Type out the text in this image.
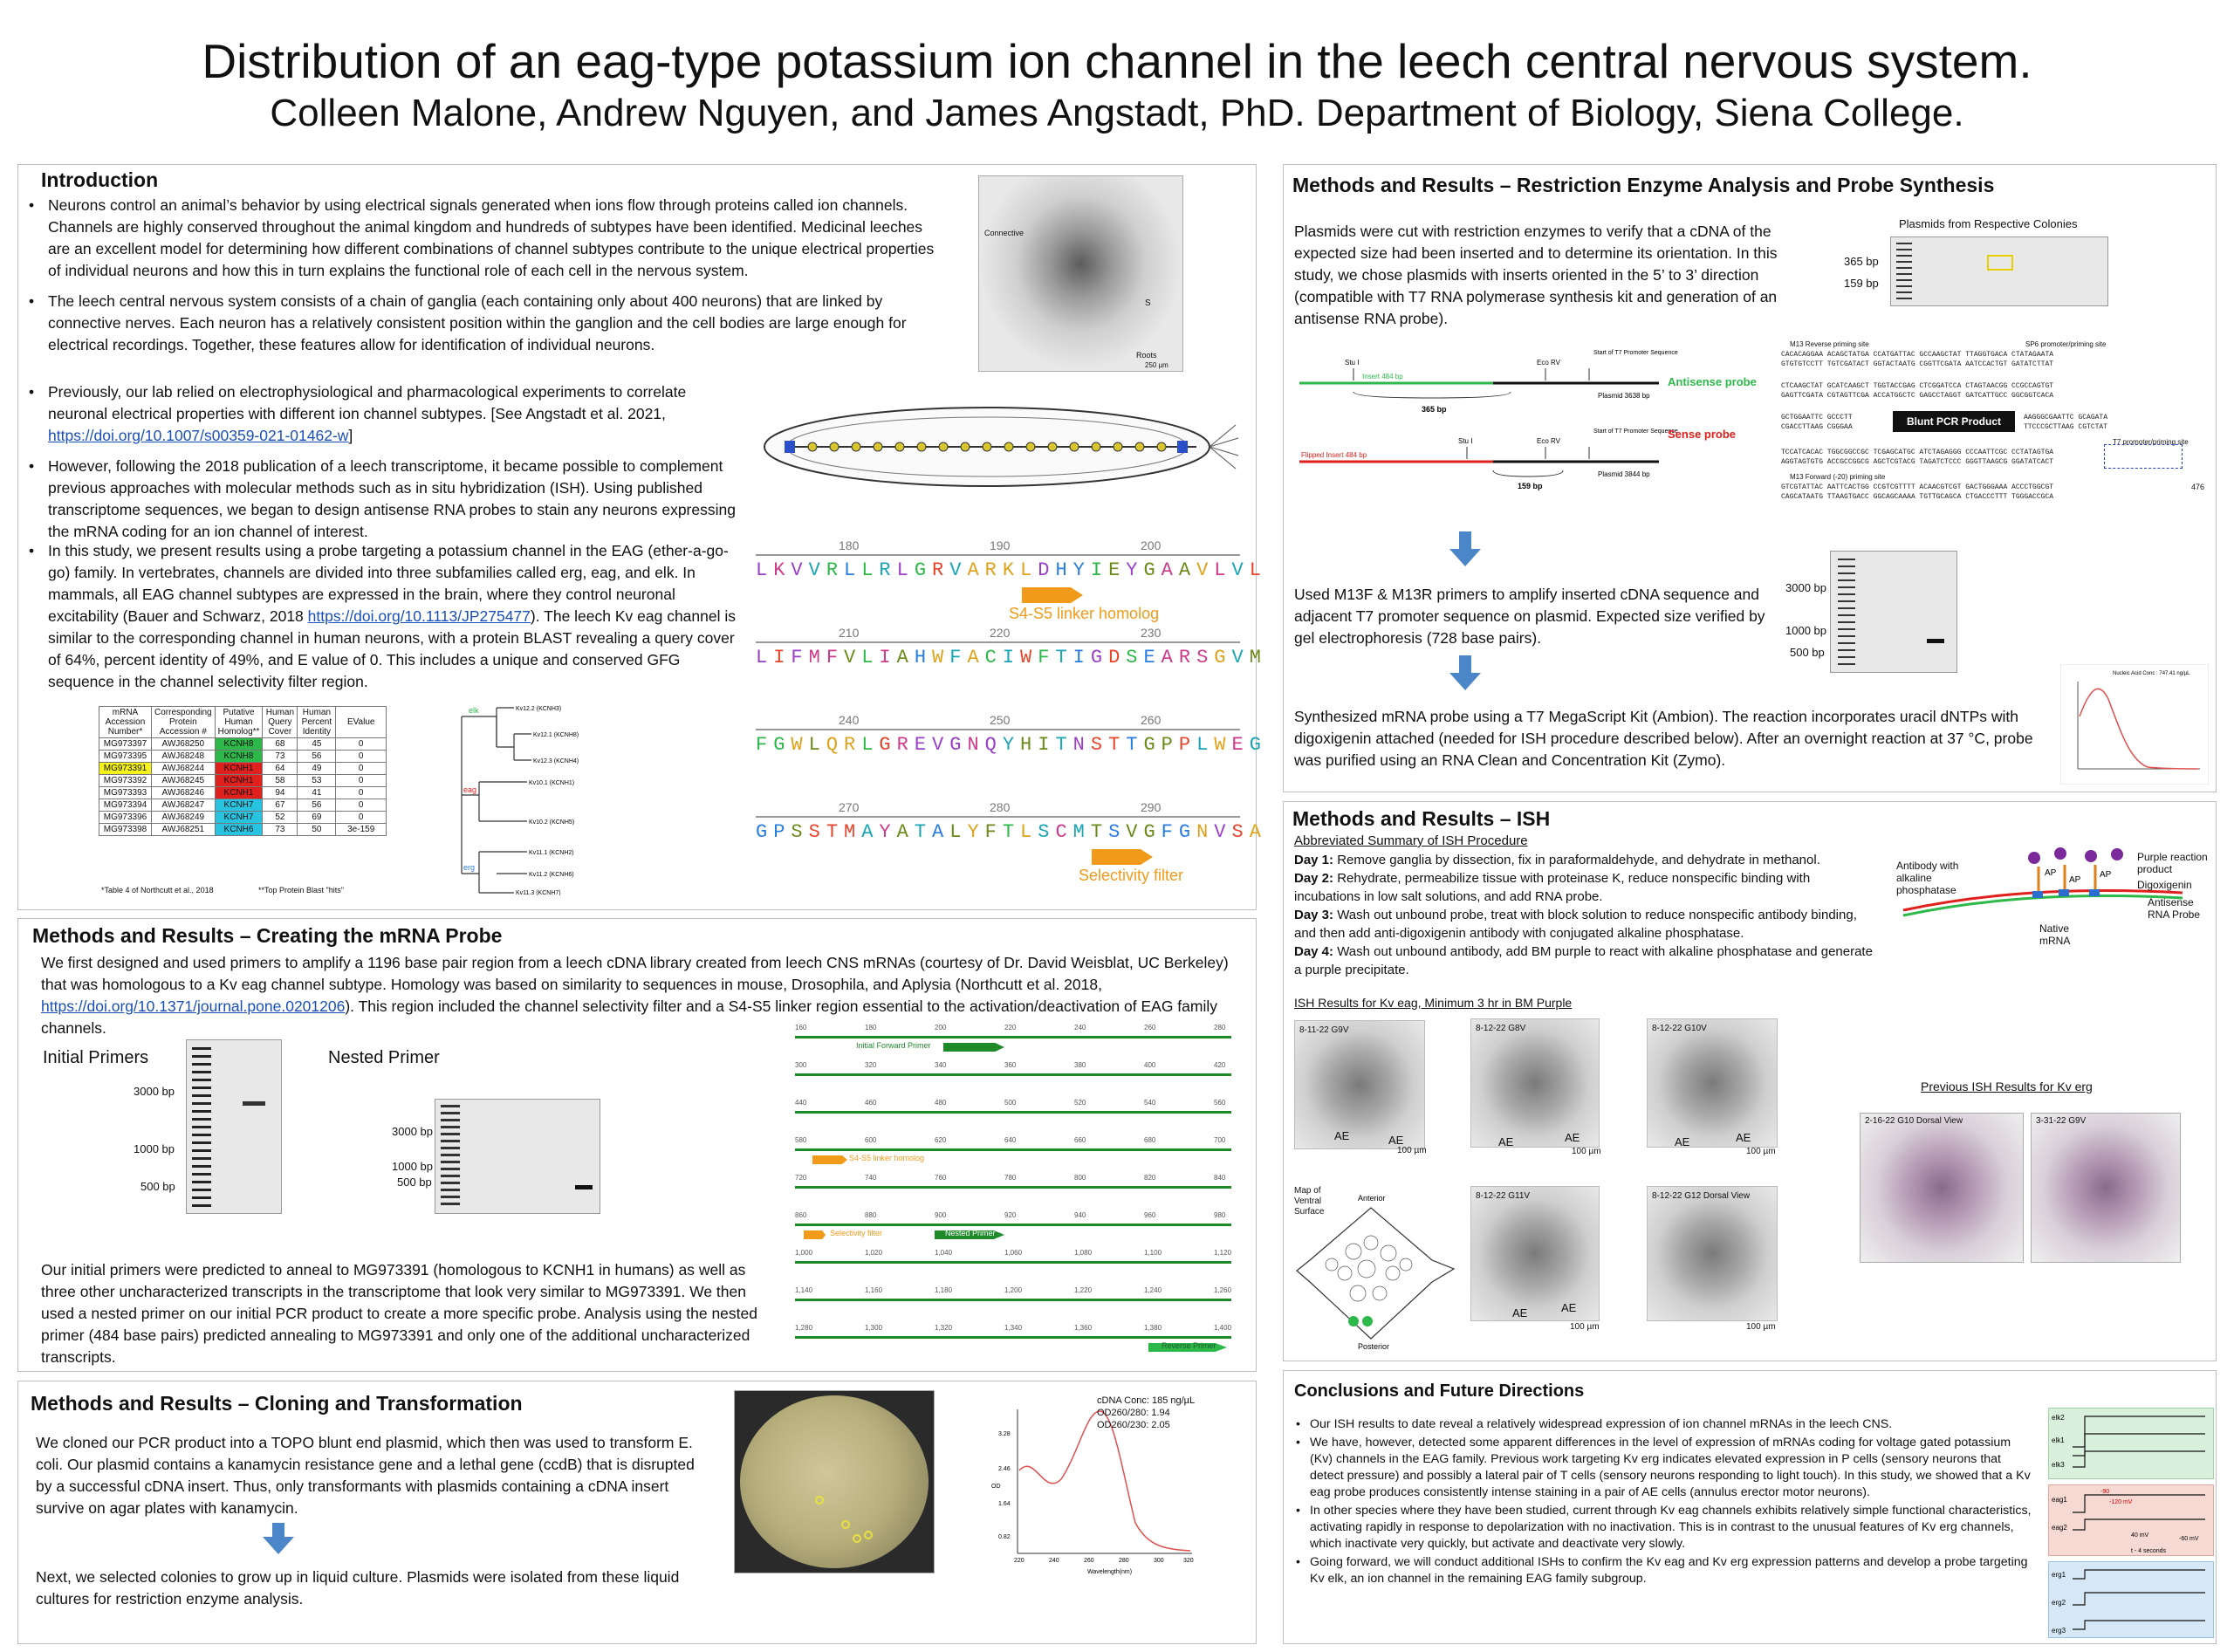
Distribution of an eag-type potassium ion channel in the leech central nervous system.
Colleen Malone, Andrew Nguyen, and James Angstadt, PhD. Department of Biology, Siena College.
Introduction
• Neurons control an animal’s behavior by using electrical signals generated when ions flow through proteins called ion channels. Channels are highly conserved throughout the animal kingdom and hundreds of subtypes have been identified. Medicinal leeches are an excellent model for determining how different combinations of channel subtypes contribute to the unique electrical properties of individual neurons and how this in turn explains the functional role of each cell in the nervous system.
• The leech central nervous system consists of a chain of ganglia (each containing only about 400 neurons) that are linked by connective nerves. Each neuron has a relatively consistent position within the ganglion and the cell bodies are large enough for electrical recordings. Together, these features allow for identification of individual neurons.
Connective
Roots
S
250 µm
• Previously, our lab relied on electrophysiological and pharmacological experiments to correlate neuronal electrical properties with different ion channel subtypes. [See Angstadt et al. 2021, https://doi.org/10.1007/s00359-021-01462-w]
• However, following the 2018 publication of a leech transcriptome, it became possible to complement previous approaches with molecular methods such as in situ hybridization (ISH). Using published transcriptome sequences, we began to design antisense RNA probes to stain any neurons expressing the mRNA coding for an ion channel of interest.
• In this study, we present results using a probe targeting a potassium channel in the EAG (ether-a-go-go) family. In vertebrates, channels are divided into three subfamilies called erg, eag, and elk. In mammals, all EAG channel subtypes are expressed in the brain, where they control neuronal excitability (Bauer and Schwarz, 2018 https://doi.org/10.1113/JP275477). The leech Kv eag channel is similar to the corresponding channel in human neurons, with a protein BLAST revealing a query cover of 64%, percent identity of 49%, and E value of 0. This includes a unique and conserved GFG sequence in the channel selectivity filter region.
mRNA Accession Number*	Corresponding Protein Accession #	Putative Human Homolog**	Human Query Cover	Human Percent Identity	EValue
MG973397	AWJ68250	KCNH8	68	45	0
MG973395	AWJ68248	KCNH8	73	56	0
MG973391	AWJ68244	KCNH1	64	49	0
MG973392	AWJ68245	KCNH1	58	53	0
MG973393	AWJ68246	KCNH1	94	41	0
MG973394	AWJ68247	KCNH7	67	56	0
MG973396	AWJ68249	KCNH7	52	69	0
MG973398	AWJ68251	KCNH6	73	50	3e-159
*Table 4 of Northcutt et al., 2018	**Top Protein Blast "hits"
Kv12.2 (KCNH3)
elk
Kv12.1 (KCNH8)
Kv12.3 (KCNH4)
Kv10.1 (KCNH1)
eag
Kv10.2 (KCNH5)
Kv11.1 (KCNH2)
erg
Kv11.2 (KCNH6)
Kv11.3 (KCNH7)
180	190	200
LKVVRLLRLGRVARKLDHYIEYGAAVLVL
S4-S5 linker homolog
210	220	230
LIFMFVLIAHWFACIWFTIGDSEARSGVM
240	250	260
FGWLQRLGREVGNQYHITNSTTGPPLWEG
270	280	290
GPSSTMAYATALYFTLSCMTSVGFGNVSA
Selectivity filter
Methods and Results – Creating the mRNA Probe
We first designed and used primers to amplify a 1196 base pair region from a leech cDNA library created from leech CNS mRNAs (courtesy of Dr. David Weisblat, UC Berkeley) that was homologous to a Kv eag channel subtype. Homology was based on similarity to sequences in mouse, Drosophila, and Aplysia (Northcutt et al. 2018, https://doi.org/10.1371/journal.pone.0201206). This region included the channel selectivity filter and a S4-S5 linker region essential to the activation/deactivation of EAG family channels.
Initial Primers	Nested Primer
3000 bp
1000 bp
500 bp
3000 bp
1000 bp
500 bp
Our initial primers were predicted to anneal to MG973391 (homologous to KCNH1 in humans) as well as three other uncharacterized transcripts in the transcriptome that look very similar to MG973391. We then used a nested primer on our initial PCR product to create a more specific probe. Analysis using the nested primer (484 base pairs) predicted annealing to MG973391 and only one of the additional uncharacterized transcripts.
160	180	200	220	240	260	280
300	320	340	360	380	400	420
440	460	480	500	520	540	560
580	600	620	640	660	680	700
720	740	760	780	800	820	840
860	880	900	920	940	960	980
1,000	1,020	1,040	1,060	1,080	1,100	1,120
1,140	1,160	1,180	1,200	1,220	1,240	1,260
1,280	1,300	1,320	1,340	1,360	1,380	1,400
Initial Forward Primer
S4-S5 linker homolog
Selectivity filter	Nested Primer
Reverse Primer
Methods and Results – Cloning and Transformation
We cloned our PCR product into a TOPO blunt end plasmid, which then was used to transform E. coli. Our plasmid contains a kanamycin resistance gene and a lethal gene (ccdB) that is disrupted by a successful cDNA insert. Thus, only transformants with plasmids containing a cDNA insert survive on agar plates with kanamycin.
Next, we selected colonies to grow up in liquid culture. Plasmids were isolated from these liquid cultures for restriction enzyme analysis.
3.28
2.46
1.64
0.82
220	240	260	280	300	320
Wavelength(nm)
OD
cDNA Conc: 185 ng/µL
OD260/280: 1.94
OD260/230: 2.05
Methods and Results – Restriction Enzyme Analysis and Probe Synthesis
Plasmids were cut with restriction enzymes to verify that a cDNA of the expected size had been inserted and to determine its orientation. In this study, we chose plasmids with inserts oriented in the 5’ to 3’ direction (compatible with T7 RNA polymerase synthesis kit and generation of an antisense RNA probe).
Plasmids from Respective Colonies
365 bp
159 bp
Stu I
Insert 484 bp
Eco RV
Start of T7 Promoter Sequence
Plasmid 3638 bp
365 bp
Stu I
Flipped Insert 484 bp
Eco RV
Start of T7 Promoter Sequence
Plasmid 3844 bp
159 bp
Antisense probe
Sense probe
M13 Reverse priming site	SP6 promoter/priming site
CACACAGGAA ACAGCTATGA CCATGATTAC GCCAAGCTAT TTAGGTGACA CTATAGAATA
GTGTGTCCTT TGTCGATACT GGTACTAATG CGGTTCGATA AATCCACTGT GATATCTTAT
CTCAAGCTAT GCATCAAGCT TGGTACCGAG CTCGGATCCA CTAGTAACGG CCGCCAGTGT
GAGTTCGATA CGTAGTTCGA ACCATGGCTC GAGCCTAGGT GATCATTGCC GGCGGTCACA
GCTGGAATTC GCCCTT
CGACCTTAAG CGGGAA	Blunt PCR Product	AAGGGCGAATTC GCAGATA
TTCCCGCTTAAG CGTCTAT
T7 promoter/priming site
TCCATCACAC TGGCGGCCGC TCGAGCATGC ATCTAGAGGG CCCAATTCGC CCTATAGTGA
AGGTAGTGTG ACCGCCGGCG AGCTCGTACG TAGATCTCCC GGGTTAAGCG GGATATCACT
M13 Forward (-20) priming site
GTCGTATTAC AATTCACTGG CCGTCGTTTT ACAACGTCGT GACTGGGAAA ACCCTGGCGT
CAGCATAATG TTAAGTGACC GGCAGCAAAA TGTTGCAGCA CTGACCCTTT TGGGACCGCA
476
Used M13F & M13R primers to amplify inserted cDNA sequence and adjacent T7 promoter sequence on plasmid. Expected size verified by gel electrophoresis (728 base pairs).
3000 bp
1000 bp
500 bp
Synthesized mRNA probe using a T7 MegaScript Kit (Ambion). The reaction incorporates uracil dNTPs with digoxigenin attached (needed for ISH procedure described below). After an overnight reaction at 37 °C, probe was purified using an RNA Clean and Concentration Kit (Zymo).
Nucleic Acid Conc : 747.41 ng/µL
Methods and Results – ISH
Abbreviated Summary of ISH Procedure
Day 1: Remove ganglia by dissection, fix in paraformaldehyde, and dehydrate in methanol.
Day 2: Rehydrate, permeabilize tissue with proteinase K, reduce nonspecific binding with incubations in low salt solutions, and add RNA probe.
Day 3: Wash out unbound probe, treat with block solution to reduce nonspecific antibody binding, and then add anti-digoxigenin antibody with conjugated alkaline phosphatase.
Day 4: Wash out unbound antibody, add BM purple to react with alkaline phosphatase and generate a purple precipitate.
AP
AP
AP
Antibody with alkaline phosphatase
Purple reaction product
Digoxigenin
Antisense RNA Probe
Native mRNA
ISH Results for Kv eag, Minimum 3 hr in BM Purple
8-11-22 G9V	8-12-22 G8V	8-12-22 G10V
8-12-22 G11V	8-12-22 G12 Dorsal View
AE	AE
100 µm
AE	AE
100 µm
AE	AE
100 µm
AE	AE
100 µm	100 µm
Anterior
Posterior
Map of Ventral Surface
Previous ISH Results for Kv erg
2-16-22 G10 Dorsal View	3-31-22 G9V
Conclusions and Future Directions
• Our ISH results to date reveal a relatively widespread expression of ion channel mRNAs in the leech CNS.
• We have, however, detected some apparent differences in the level of expression of mRNAs coding for voltage gated potassium (Kv) channels in the EAG family. Previous work targeting Kv erg indicates elevated expression in P cells (sensory neurons that detect pressure) and possibly a lateral pair of T cells (sensory neurons responding to light touch). In this study, we showed that a Kv eag probe produces consistently intense staining in a pair of AE cells (annulus erector motor neurons).
• In other species where they have been studied, current through Kv eag channels exhibits relatively simple functional characteristics, activating rapidly in response to depolarization with no inactivation. This is in contrast to the unusual features of Kv erg channels, which inactivate very quickly, but activate and deactivate very slowly.
• Going forward, we will conduct additional ISHs to confirm the Kv eag and Kv erg expression patterns and develop a probe targeting Kv elk, an ion channel in the remaining EAG family subgroup.
elk2
elk1
elk3
eag1
eag2
erg1
erg2
erg3
-90
-120 mV
40 mV
-60 mV
t - 4 seconds
